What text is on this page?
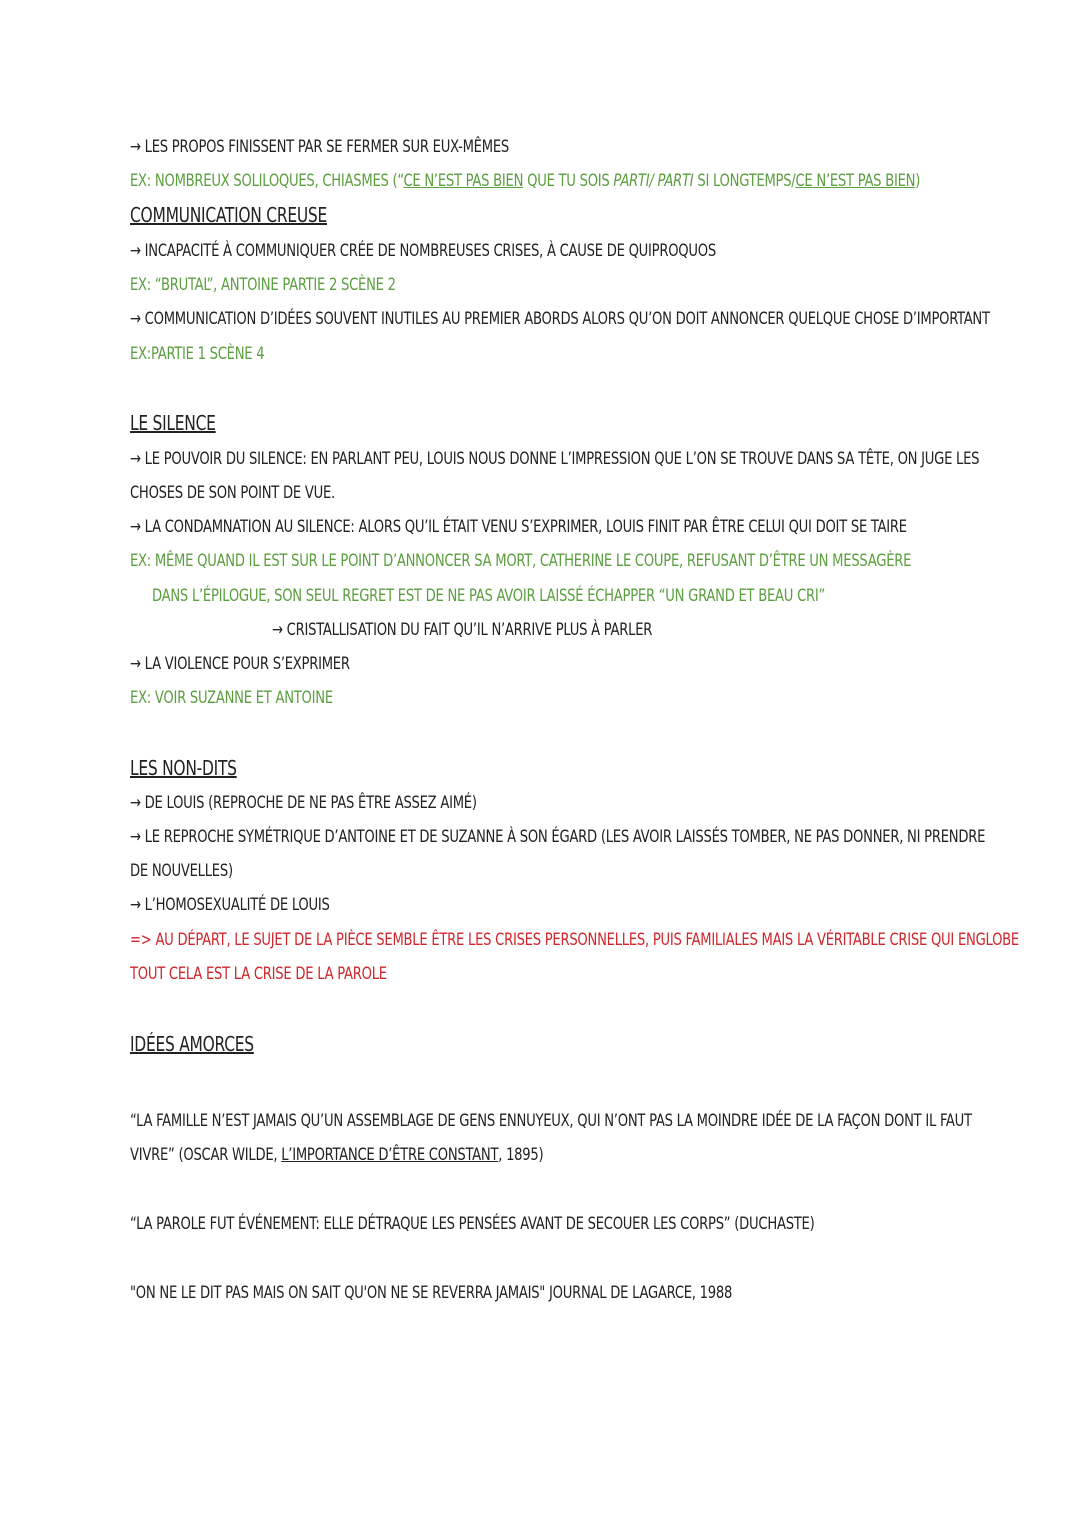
→ LES PROPOS FINISSENT PAR SE FERMER SUR EUX-MÊMES
EX: NOMBREUX SOLILOQUES, CHIASMES (“CE N’EST PAS BIEN QUE TU SOIS PARTI/ PARTI SI LONGTEMPS/CE N’EST PAS BIEN)
COMMUNICATION CREUSE
→ INCAPACITÉ À COMMUNIQUER CRÉE DE NOMBREUSES CRISES, À CAUSE DE QUIPROQUOS
EX: “BRUTAL”, ANTOINE PARTIE 2 SCÈNE 2
→ COMMUNICATION D’IDÉES SOUVENT INUTILES AU PREMIER ABORDS ALORS QU’ON DOIT ANNONCER QUELQUE CHOSE D’IMPORTANT
EX:PARTIE 1 SCÈNE 4
LE SILENCE
→ LE POUVOIR DU SILENCE: EN PARLANT PEU, LOUIS NOUS DONNE L’IMPRESSION QUE L’ON SE TROUVE DANS SA TÊTE, ON JUGE LES
CHOSES DE SON POINT DE VUE.
→ LA CONDAMNATION AU SILENCE: ALORS QU’IL ÉTAIT VENU S’EXPRIMER, LOUIS FINIT PAR ÊTRE CELUI QUI DOIT SE TAIRE
EX: MÊME QUAND IL EST SUR LE POINT D’ANNONCER SA MORT, CATHERINE LE COUPE, REFUSANT D’ÊTRE UN MESSAGÈRE
DANS L’ÉPILOGUE, SON SEUL REGRET EST DE NE PAS AVOIR LAISSÉ ÉCHAPPER “UN GRAND ET BEAU CRI”
→ CRISTALLISATION DU FAIT QU’IL N’ARRIVE PLUS À PARLER
→ LA VIOLENCE POUR S’EXPRIMER
EX: VOIR SUZANNE ET ANTOINE
LES NON-DITS
→ DE LOUIS (REPROCHE DE NE PAS ÊTRE ASSEZ AIMÉ)
→ LE REPROCHE SYMÉTRIQUE D’ANTOINE ET DE SUZANNE À SON ÉGARD (LES AVOIR LAISSÉS TOMBER, NE PAS DONNER, NI PRENDRE
DE NOUVELLES)
→ L’HOMOSEXUALITÉ DE LOUIS
=> AU DÉPART, LE SUJET DE LA PIÈCE SEMBLE ÊTRE LES CRISES PERSONNELLES, PUIS FAMILIALES MAIS LA VÉRITABLE CRISE QUI ENGLOBE
TOUT CELA EST LA CRISE DE LA PAROLE
IDÉES AMORCES
“LA FAMILLE N’EST JAMAIS QU’UN ASSEMBLAGE DE GENS ENNUYEUX, QUI N’ONT PAS LA MOINDRE IDÉE DE LA FAÇON DONT IL FAUT
VIVRE” (OSCAR WILDE, L’IMPORTANCE D’ÊTRE CONSTANT, 1895)
“LA PAROLE FUT ÉVÉNEMENT: ELLE DÉTRAQUE LES PENSÉES AVANT DE SECOUER LES CORPS” (DUCHASTE)
"ON NE LE DIT PAS MAIS ON SAIT QU'ON NE SE REVERRA JAMAIS" JOURNAL DE LAGARCE, 1988
